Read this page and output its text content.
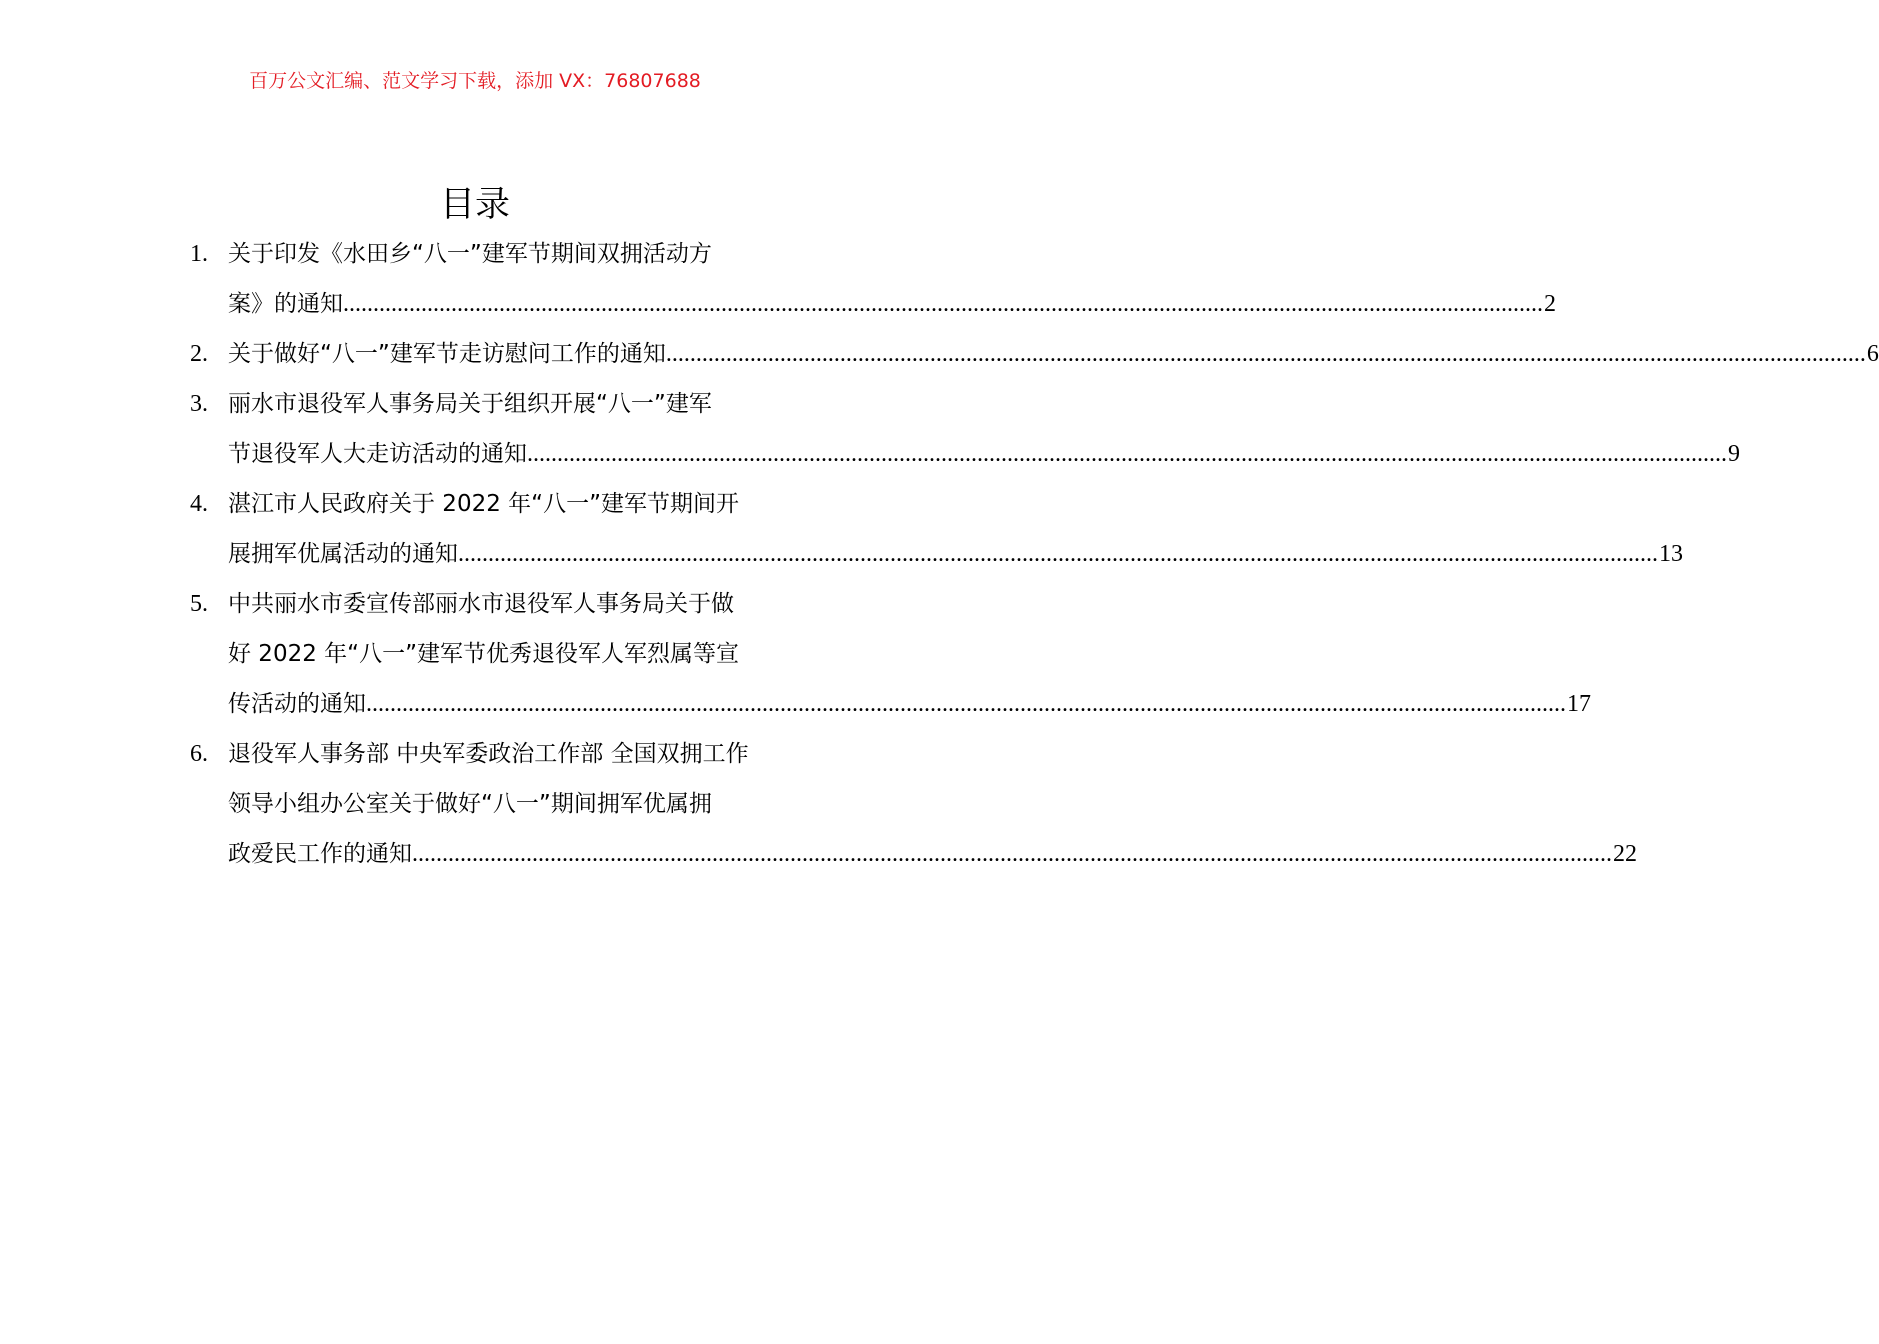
百万公文汇编、范文学习下载，添加 VX：76807688
目录
1. 关于印发《水田乡“八一”建军节期间双拥活动方
案》的通知 ........................................................................................................................................................................................................ 2
2. 关于做好“八一”建军节走访慰问工作的通知 ........................................................................................................................................................................................................ 6
3. 丽水市退役军人事务局关于组织开展“八一”建军
节退役军人大走访活动的通知 ........................................................................................................................................................................................................ 9
4. 湛江市人民政府关于 2022 年“八一”建军节期间开
展拥军优属活动的通知 ........................................................................................................................................................................................................ 13
5. 中共丽水市委宣传部丽水市退役军人事务局关于做
好 2022 年“八一”建军节优秀退役军人军烈属等宣
传活动的通知 ........................................................................................................................................................................................................ 17
6. 退役军人事务部 中央军委政治工作部 全国双拥工作
领导小组办公室关于做好“八一”期间拥军优属拥
政爱民工作的通知 ........................................................................................................................................................................................................ 22
